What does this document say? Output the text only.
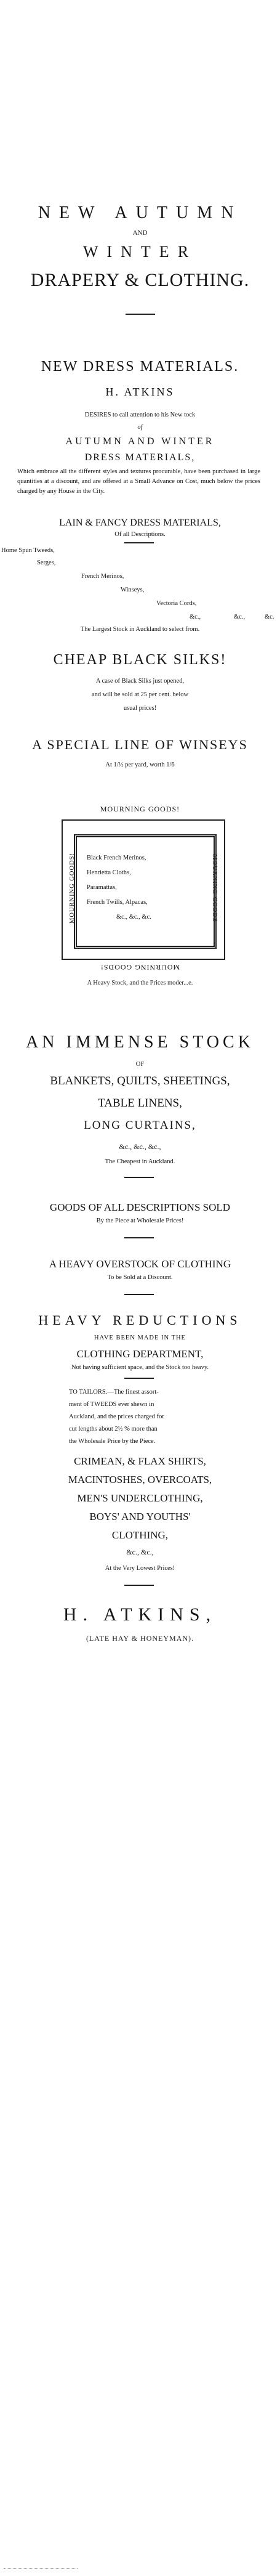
NEW AUTUMN
AND
WINTER
DRAPERY & CLOTHING.
NEW DRESS MATERIALS.
H. ATKINS
DESIRES to call attention to his New tock
of
AUTUMN AND WINTER
DRESS MATERIALS,
Which embrace all the different styles and textures procurable, have been purchased in large quantities at a discount, and are offered at a Small Advance on Cost, much below the prices charged by any House in the City.
LAIN & FANCY DRESS MATERIALS,
Of all Descriptions.
Home Spun Tweeds,
Serges,
French Merinos,
Winseys,
Vectoria Cords,
&c.,	&c.,	&c.
The Largest Stock in Auckland to select from.
CHEAP BLACK SILKS!
A case of Black Silks just opened,
and will be sold at 25 per cent. below
usual prices!
A SPECIAL LINE OF WINSEYS
At 1/½ per yard, worth 1/6
MOURNING GOODS!
MOURNING GOODS!	MOURNING GOODS
Black French Merinos,
Henrietta Cloths,
Paramattas,
French Twills, Alpacas,
&c., &c., &c.
MOURNING GOODS!
A Heavy Stock, and the Prices moder...e.
AN IMMENSE STOCK
OF
BLANKETS, QUILTS, SHEETINGS,
TABLE LINENS,
LONG CURTAINS,
&c., &c., &c.,
The Cheapest in Auckland.
GOODS OF ALL DESCRIPTIONS SOLD
By the Piece at Wholesale Prices!
A HEAVY OVERSTOCK OF CLOTHING
To be Sold at a Discount.
HEAVY REDUCTIONS
HAVE BEEN MADE IN THE
CLOTHING DEPARTMENT,
Not having sufficient space, and the Stock too heavy.
TO TAILORS.—The finest assort-
ment of TWEEDS ever shewn in
Auckland, and the prices charged for
cut lengths about 2½ % more than
the Wholesale Price by the Piece.
CRIMEAN, & FLAX SHIRTS,
MACINTOSHES, OVERCOATS,
MEN'S UNDERCLOTHING,
BOYS' AND YOUTHS'
CLOTHING,
&c., &c.,
At the Very Lowest Prices!
H. ATKINS,
(LATE HAY & HONEYMAN).
